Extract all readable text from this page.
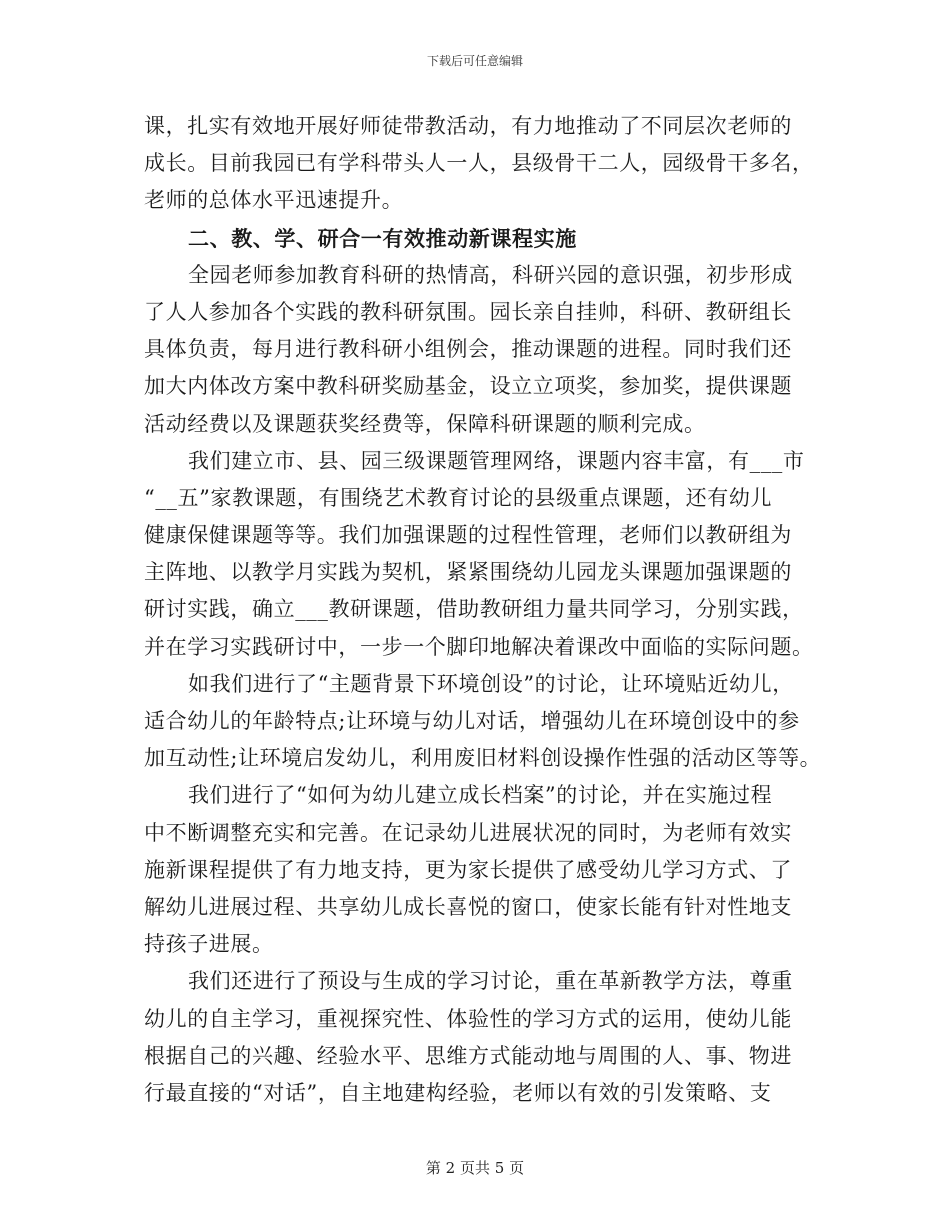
下载后可任意编辑
课，扎实有效地开展好师徒带教活动，有力地推动了不同层次老师的
成长。目前我园已有学科带头人一人，县级骨干二人，园级骨干多名，
老师的总体水平迅速提升。
二、教、学、研合一有效推动新课程实施
全园老师参加教育科研的热情高，科研兴园的意识强，初步形成
了人人参加各个实践的教科研氛围。园长亲自挂帅，科研、教研组长
具体负责，每月进行教科研小组例会，推动课题的进程。同时我们还
加大内体改方案中教科研奖励基金，设立立项奖，参加奖，提供课题
活动经费以及课题获奖经费等，保障科研课题的顺利完成。
我们建立市、县、园三级课题管理网络，课题内容丰富，有___市
“__五”家教课题，有围绕艺术教育讨论的县级重点课题，还有幼儿
健康保健课题等等。我们加强课题的过程性管理，老师们以教研组为
主阵地、以教学月实践为契机，紧紧围绕幼儿园龙头课题加强课题的
研讨实践，确立___教研课题，借助教研组力量共同学习，分别实践，
并在学习实践研讨中，一步一个脚印地解决着课改中面临的实际问题。
如我们进行了“主题背景下环境创设”的讨论，让环境贴近幼儿，
适合幼儿的年龄特点;让环境与幼儿对话，增强幼儿在环境创设中的参
加互动性;让环境启发幼儿，利用废旧材料创设操作性强的活动区等等。
我们进行了“如何为幼儿建立成长档案”的讨论，并在实施过程
中不断调整充实和完善。在记录幼儿进展状况的同时，为老师有效实
施新课程提供了有力地支持，更为家长提供了感受幼儿学习方式、了
解幼儿进展过程、共享幼儿成长喜悦的窗口，使家长能有针对性地支
持孩子进展。
我们还进行了预设与生成的学习讨论，重在革新教学方法，尊重
幼儿的自主学习，重视探究性、体验性的学习方式的运用，使幼儿能
根据自己的兴趣、经验水平、思维方式能动地与周围的人、事、物进
行最直接的“对话”，自主地建构经验，老师以有效的引发策略、支
第 2 页共 5 页
